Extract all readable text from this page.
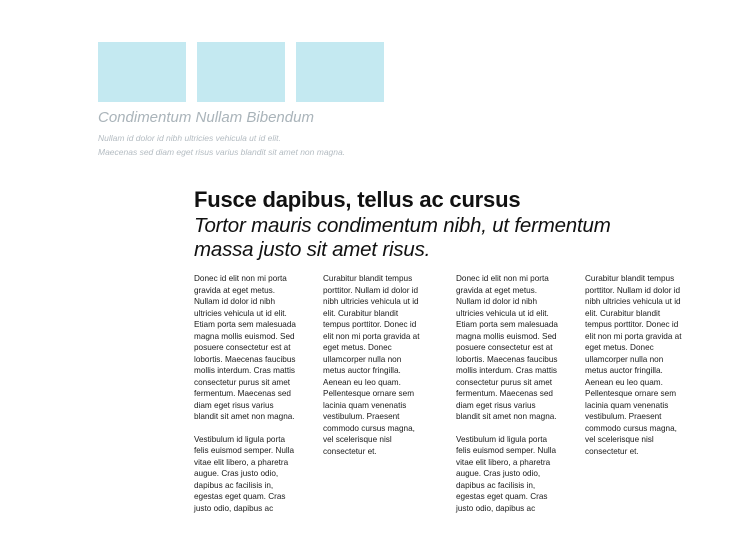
Condimentum Nullam Bibendum
Nullam id dolor id nibh ultricies vehicula ut id elit.
Maecenas sed diam eget risus varius blandit sit amet non magna.
Fusce dapibus, tellus ac cursus
Tortor mauris condimentum nibh, ut fermentum
massa justo sit amet risus.

Donec id elit non mi porta
gravida at eget metus.
Nullam id dolor id nibh
ultricies vehicula ut id elit.
Etiam porta sem malesuada
magna mollis euismod. Sed
posuere consectetur est at
lobortis. Maecenas faucibus
mollis interdum. Cras mattis
consectetur purus sit amet
fermentum. Maecenas sed
diam eget risus varius
blandit sit amet non magna.

Vestibulum id ligula porta
felis euismod semper. Nulla
vitae elit libero, a pharetra
augue. Cras justo odio,
dapibus ac facilisis in,
egestas eget quam. Cras
justo odio, dapibus ac

Curabitur blandit tempus
porttitor. Nullam id dolor id
nibh ultricies vehicula ut id
elit. Curabitur blandit
tempus porttitor. Donec id
elit non mi porta gravida at
eget metus. Donec
ullamcorper nulla non
metus auctor fringilla.
Aenean eu leo quam.
Pellentesque ornare sem
lacinia quam venenatis
vestibulum. Praesent
commodo cursus magna,
vel scelerisque nisl
consectetur et.

Donec id elit non mi porta
gravida at eget metus.
Nullam id dolor id nibh
ultricies vehicula ut id elit.
Etiam porta sem malesuada
magna mollis euismod. Sed
posuere consectetur est at
lobortis. Maecenas faucibus
mollis interdum. Cras mattis
consectetur purus sit amet
fermentum. Maecenas sed
diam eget risus varius
blandit sit amet non magna.

Vestibulum id ligula porta
felis euismod semper. Nulla
vitae elit libero, a pharetra
augue. Cras justo odio,
dapibus ac facilisis in,
egestas eget quam. Cras
justo odio, dapibus ac

Curabitur blandit tempus
porttitor. Nullam id dolor id
nibh ultricies vehicula ut id
elit. Curabitur blandit
tempus porttitor. Donec id
elit non mi porta gravida at
eget metus. Donec
ullamcorper nulla non
metus auctor fringilla.
Aenean eu leo quam.
Pellentesque ornare sem
lacinia quam venenatis
vestibulum. Praesent
commodo cursus magna,
vel scelerisque nisl
consectetur et.
